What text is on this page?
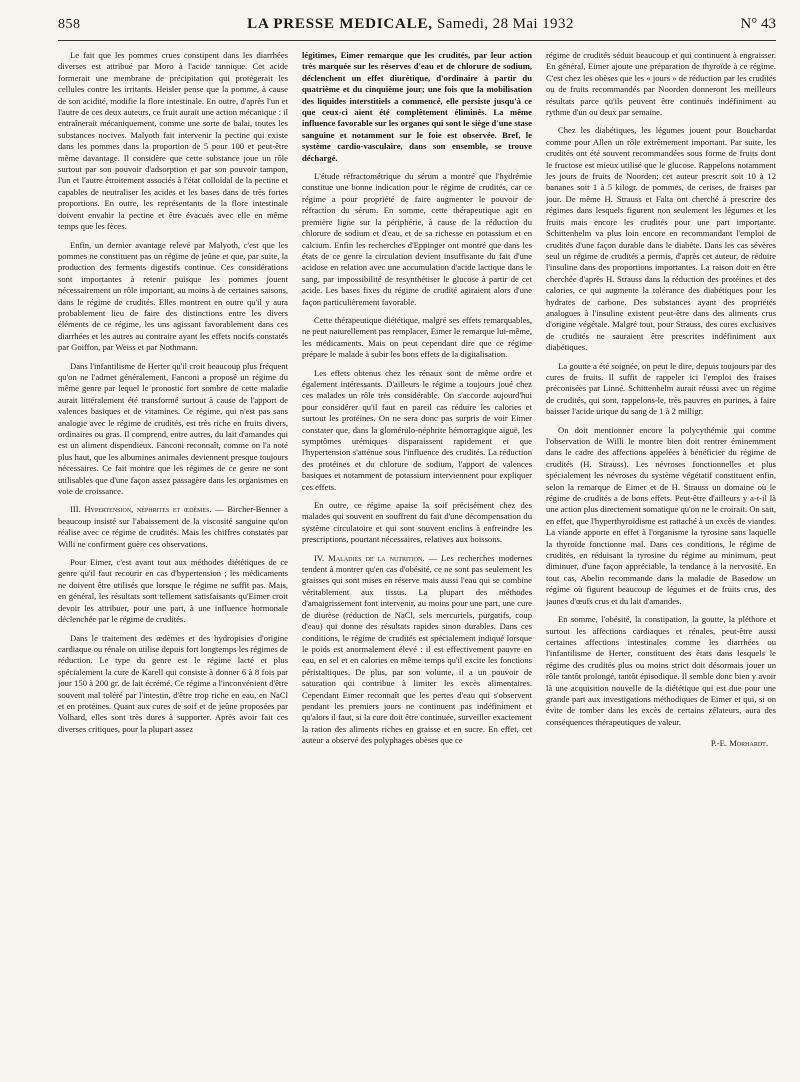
858	LA PRESSE MEDICALE, Samedi, 28 Mai 1932	N° 43

Le fait que les pommes crues constipent dans les diarrhées diverses est attribué par Moro à l'acide tannique. Cet acide formerait une membrane de précipitation qui protégerait les cellules contre les irritants. Heisler pense que la pomme, à cause de son acidité, modifie la flore intestinale. En outre, d'après l'un et l'autre de ces deux auteurs, ce fruit aurait une action mécanique : il entraînerait mécaniquement, comme une sorte de balai, toutes les substances nocives. Malyoth fait intervenir la pectine qui existe dans les pommes dans la proportion de 5 pour 100 et peut-être même davantage. Il considère que cette substance joue un rôle surtout par son pouvoir d'adsorption et par son pouvoir tampon, l'un et l'autre étroitement associés à l'état colloïdal de la pectine et capables de neutraliser les acides et les bases dans de très fortes proportions. En outre, les représentants de la flore intestinale doivent envahir la pectine et être évacués avec elle en même temps que les fèces.

Enfin, un dernier avantage relevé par Malyoth, c'est que les pommes ne constituent pas un régime de jeûne et que, par suite, la production des ferments digestifs continue. Ces considérations sont importantes à retenir puisque les pommes jouent nécessairement un rôle important, au moins à de certaines saisons, dans le régime de crudités. Elles montrent en outre qu'il y aura probablement lieu de faire des distinctions entre les divers éléments de ce régime, les uns agissant favorablement dans ces diarrhées et les autres au contraire ayant les effets nocifs constatés par Goiffon, par Weiss et par Nothmann.

Dans l'infantilisme de Herter qu'il croit beaucoup plus fréquent qu'on ne l'admet généralement, Fanconi a proposé un régime du même genre par lequel le pronostic fort sombre de cette maladie aurait littéralement été transformé surtout à cause de l'apport de valences basiques et de vitamines. Ce régime, qui n'est pas sans analogie avec le régime de crudités, est très riche en fruits divers, ordinaires ou gras. Il comprend, entre autres, du lait d'amandes qui est un aliment dispendieux. Fanconi reconnaît, comme on l'a noté plus haut, que les albumines animales deviennent presque toujours nécessaires. Ce fait montre que les régimes de ce genre ne sont utilisables que d'une façon assez passagère dans les organismes en voie de croissance.

III. Hypertension, néphrites et œdèmes. — Bircher-Benner a beaucoup insisté sur l'abaissement de la viscosité sanguine qu'on réalise avec ce régime de crudités. Mais les chiffres constatés par Willi ne confirment guère ces observations.

Pour Eimer, c'est avant tout aux méthodes diététiques de ce genre qu'il faut recourir en cas d'hypertension ; les médicaments ne doivent être utilisés que lorsque le régime ne suffit pas. Mais, en général, les résultats sont tellement satisfaisants qu'Eimer croit devoir les attribuer, pour une part, à une influence hormonale déclenchée par le régime de crudités.

Dans le traitement des œdèmes et des hydropisies d'origine cardiaque ou rénale on utilise depuis fort longtemps les régimes de réduction. Le type du genre est le régime lacté et plus spécialement la cure de Karell qui consiste à donner 6 à 8 fois par jour 150 à 200 gr. de lait écrémé. Ce régime a l'inconvénient d'être souvent mal toléré par l'intestin, d'être trop riche en eau, en NaCl et en protéines. Quant aux cures de soif et de jeûne proposées par Volhard, elles sont très dures à supporter. Après avoir fait ces diverses critiques, pour la plupart assez

légitimes, Eimer remarque que les crudités, par leur action très marquée sur les réserves d'eau et de chlorure de sodium, déclenchent un effet diurétique, d'ordinaire à partir du quatrième et du cinquième jour; une fois que la mobilisation des liquides interstitiels a commencé, elle persiste jusqu'à ce que ceux-ci aient été complètement éliminés. La même influence favorable sur les organes qui sont le siège d'une stase sanguine et notamment sur le foie est observée. Bref, le système cardio-vasculaire, dans son ensemble, se trouve déchargé.

L'étude réfractométrique du sérum a montré que l'hydrémie constitue une bonne indication pour le régime de crudités, car ce régime a pour propriété de faire augmenter le pouvoir de réfraction du sérum. En somme, cette thérapeutique agit en première ligne sur la périphérie, à cause de la réduction du chlorure de sodium et d'eau, et de sa richesse en potassium et en calcium. Enfin les recherches d'Eppinger ont montré que dans les états de ce genre la circulation devient insuffisante du fait d'une acidose en relation avec une accumulation d'acide lactique dans le sang, par impossibilité de resynthétiser le glucose à partir de cet acide. Les bases fixes du régime de crudité agiraient alors d'une façon particulièrement favorable.

Cette thérapeutique diététique, malgré ses effets remarquables, ne peut naturellement pas remplacer, Eimer le remarque lui-même, les médicaments. Mais on peut cependant dire que ce régime prépare le malade à subir les bons effets de la digitalisation.

Les effets obtenus chez les rénaux sont de même ordre et également intéressants. D'ailleurs le régime a toujours joué chez ces malades un rôle très considérable. On s'accorde aujourd'hui pour considérer qu'il faut en pareil cas réduire les calories et surtout les protéines. On ne sera donc pas surpris de voir Eimer constater que, dans la glomérulo-néphrite hémorragique aiguë, les symptômes urémiques disparaissent rapidement et que l'hypertension s'atténue sous l'influence des crudités. La réduction des protéines et du chlorure de sodium, l'apport de valences basiques et notamment de potassium interviennent pour expliquer ces effets.

En outre, ce régime apaise la soif précisément chez des malades qui souvent en souffrent du fait d'une décompensation du système circulatoire et qui sont souvent enclins à enfreindre les prescriptions, pourtant nécessaires, relatives aux boissons.

IV. Maladies de la nutrition. — Les recherches modernes tendent à montrer qu'en cas d'obésité, ce ne sont pas seulement les graisses qui sont mises en réserve mais aussi l'eau qui se combine véritablement aux tissus. La plupart des méthodes d'amaigrissement font intervenir, au moins pour une part, une cure de diurèse (réduction de NaCl, sels mercuriels, purgatifs, coup d'eau) qui donne des résultats rapides sinon durables. Dans ces conditions, le régime de crudités est spécialement indiqué lorsque le poids est anormalement élevé : il est effectivement pauvre en eau, en sel et en calories en même temps qu'il excite les fonctions péristaltiques. De plus, par son volume, il a un pouvoir de saturation qui contribue à limiter les excès alimentaires. Cependant Eimer reconnaît que les pertes d'eau qui s'observent pendant les premiers jours ne continuent pas indéfiniment et qu'alors il faut, si la cure doit être continuée, surveiller exactement la ration des aliments riches en graisse et en sucre. En effet, cet auteur a observé des polyphages obèses que ce

régime de crudités séduit beaucoup et qui continuent à engraisser. En général, Eimer ajoute une préparation de thyroïde à ce régime. C'est chez les obèses que les « jours » de réduction par les crudités ou de fruits recommandés par Noorden donneront les meilleurs résultats parce qu'ils peuvent être continués indéfiniment au rythme d'un ou deux par semaine.

Chez les diabétiques, les légumes jouent pour Bouchardat comme pour Allen un rôle extrêmement important. Par suite, les crudités ont été souvent recommandées sous forme de fruits dont le fructose est mieux utilisé que le glucose. Rappelons notamment les jours de fruits de Noorden; cet auteur prescrit soit 10 à 12 bananes soit 1 à 5 kilogr. de pommes, de cerises, de fraises par jour. De même H. Strauss et Falta ont cherché à prescrire des régimes dans lesquels figurent non seulement les légumes et les fruits mais encore les crudités pour une part importante. Schittenhelm va plus loin encore en recommandant l'emploi de crudités d'une façon durable dans le diabète. Dans les cas sévères seul un régime de crudités a permis, d'après cet auteur, de réduire l'insuline dans des proportions importantes. La raison doit en être cherchée d'après H. Strauss dans la réduction des protéines et des calories, ce qui augmente la tolérance des diabétiques pour les hydrates de carbone. Des substances ayant des propriétés analogues à l'insuline existent peut-être dans des aliments crus d'origine végétale. Malgré tout, pour Strauss, des cures exclusives de crudités ne sauraient être prescrites indéfiniment aux diabétiques.

La goutte a été soignée, on peut le dire, depuis toujours par des cures de fruits. Il suffit de rappeler ici l'emploi des fraises préconisées par Linné. Schittenhelm aurait réussi avec un régime de crudités, qui sont, rappelons-le, très pauvres en purines, à faire baisser l'acide urique du sang de 1 à 2 milligr.

On doit mentionner encore la polycythémie qui comme l'observation de Willi le montre bien doit rentrer éminemment dans le cadre des affections appelées à bénéficier du régime de crudités (H. Strauss). Les névroses fonctionnelles et plus spécialement les névroses du système végétatif constituent enfin, selon la remarque de Eimer et de H. Strauss un domaine où le régime de crudités a de bons effets. Peut-être d'ailleurs y a-t-il là une action plus directement somatique qu'on ne le croirait. On sait, en effet, que l'hyperthyroïdisme est rattaché à un excès de viandes. La viande apporte en effet à l'organisme la tyrosine sans laquelle la thyroïde fonctionne mal. Dans ces conditions, le régime de crudités, en réduisant la tyrosine du régime au minimum, peut diminuer, d'une façon appréciable, la tendance à la nervosité. En tout cas, Abelin recommande dans la maladie de Basedow un régime où figurent beaucoup de légumes et de fruits crus, des jaunes d'œufs crus et du lait d'amandes.

En somme, l'obésité, la constipation, la goutte, la pléthore et surtout les affections cardiaques et rénales, peut-être aussi certaines affections intestinales comme les diarrhées ou l'infantilisme de Herter, constituent des états dans lesquels le régime des crudités plus ou moins strict doit désormais jouer un rôle tantôt prolongé, tantôt épisodique. Il semble donc bien y avoir là une acquisition nouvelle de la diététique qui est due pour une grande part aux investigations méthodiques de Eimer et qui, si on évite de tomber dans les excès de certains zélateurs, aura des conséquences thérapeutiques de valeur.

P.-E. Morhardt.
